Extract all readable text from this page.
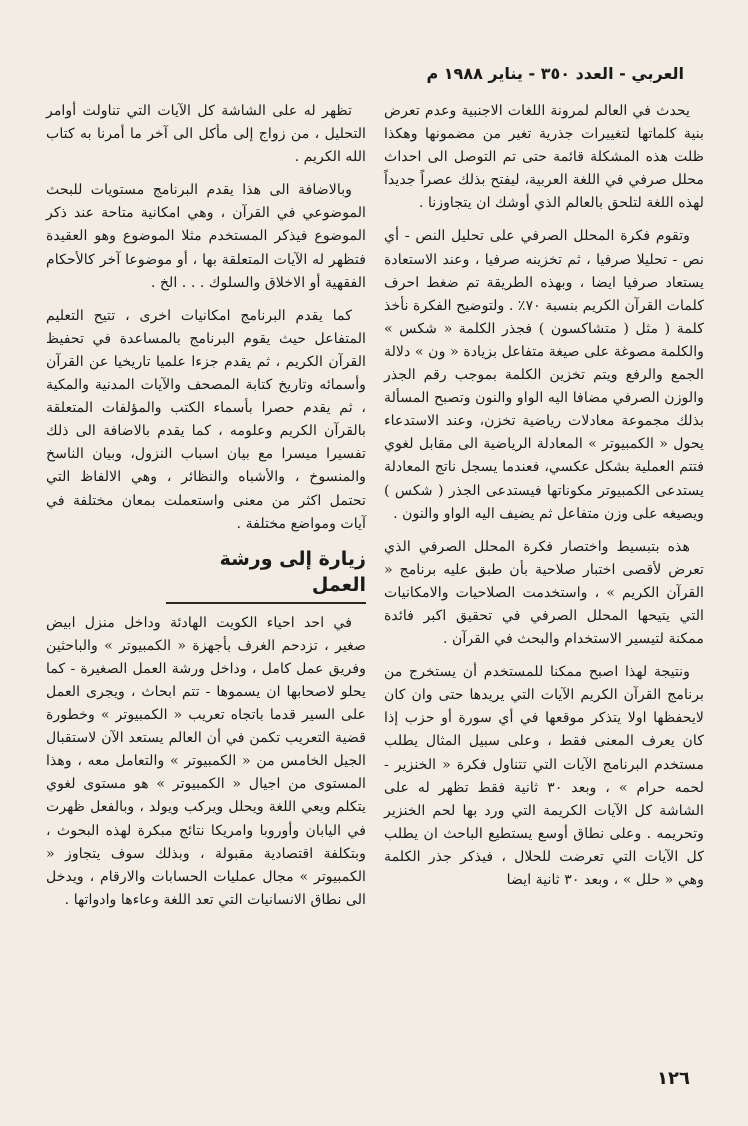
العربي - العدد ٣٥٠ - يناير ١٩٨٨ م

يحدث في العالم لمرونة اللغات الاجنبية وعدم تعرض بنية كلماتها لتغييرات جذرية تغير من مضمونها وهكذا ظلت هذه المشكلة قائمة حتى تم التوصل الى احداث محلل صرفي في اللغة العربية، ليفتح بذلك عصراً جديداً لهذه اللغة لتلحق بالعالم الذي أوشك ان يتجاوزنا .

وتقوم فكرة المحلل الصرفي على تحليل النص - أي نص - تحليلا صرفيا ، ثم تخزينه صرفيا ، وعند الاستعادة يستعاد صرفيا ايضا ، وبهذه الطريقة تم ضغط احرف كلمات القرآن الكريم بنسبة ٧٠٪ . ولتوضيح الفكرة نأخذ كلمة ( مثل ( متشاكسون ) فجذر الكلمة « شكس » والكلمة مصوغة على صيغة متفاعل بزيادة « ون » دلالة الجمع والرفع ويتم تخزين الكلمة بموجب رقم الجذر والوزن الصرفي مضافا اليه الواو والنون وتصبح المسألة بذلك مجموعة معادلات رياضية تخزن، وعند الاستدعاء يحول « الكمبيوتر » المعادلة الرياضية الى مقابل لغوي فتتم العملية بشكل عكسي، فعندما يسجل ناتج المعادلة يستدعى الكمبيوتر مكوناتها فيستدعى الجذر ( شكس ) ويصيغه على وزن متفاعل ثم يضيف اليه الواو والنون .

هذه بتبسيط واختصار فكرة المحلل الصرفي الذي تعرض لأقصى اختبار صلاحية بأن طبق عليه برنامج « القرآن الكريم » ، واستخدمت الصلاحيات والامكانيات التي يتيحها المحلل الصرفي في تحقيق اكبر فائدة ممكنة لتيسير الاستخدام والبحث في القرآن .

ونتيجة لهذا اصبح ممكنا للمستخدم أن يستخرج من برنامج القرآن الكريم الآيات التي يريدها حتى وان كان لايحفظها اولا يتذكر موقعها في أي سورة أو حزب إذا كان يعرف المعنى فقط ، وعلى سبيل المثال يطلب مستخدم البرنامج الآيات التي تتناول فكرة « الخنزير - لحمه حرام » ، وبعد ٣٠ ثانية فقط تظهر له على الشاشة كل الآيات الكريمة التي ورد بها لحم الخنزير وتحريمه . وعلى نطاق أوسع يستطيع الباحث ان يطلب كل الآيات التي تعرضت للحلال ، فيذكر جذر الكلمة وهي « حلل » ، وبعد ٣٠ ثانية ايضا

تظهر له على الشاشة كل الآيات التي تناولت أوامر التحليل ، من زواج إلى مأكل الى آخر ما أمرنا به كتاب الله الكريم .

وبالاضافة الى هذا يقدم البرنامج مستويات للبحث الموضوعي في القرآن ، وهي امكانية متاحة عند ذكر الموضوع فيذكر المستخدم مثلا الموضوع وهو العقيدة فتظهر له الآيات المتعلقة بها ، أو موضوعا آخر كالأحكام الفقهية أو الاخلاق والسلوك . . . الخ .

كما يقدم البرنامج امكانيات اخرى ، تتيح التعليم المتفاعل حيث يقوم البرنامج بالمساعدة في تحفيظ القرآن الكريم ، ثم يقدم جزءا علميا تاريخيا عن القرآن وأسمائه وتاريخ كتابة المصحف والآيات المدنية والمكية ، ثم يقدم حصرا بأسماء الكتب والمؤلفات المتعلقة بالقرآن الكريم وعلومه ، كما يقدم بالاضافة الى ذلك تفسيرا ميسرا مع بيان اسباب النزول، وبيان الناسخ والمنسوخ ، والأشباه والنظائر ، وهي الالفاظ التي تحتمل اكثر من معنى واستعملت بمعان مختلفة في آيات ومواضع مختلفة .

زيارة إلى ورشة العمل

في احد احياء الكويت الهادئة وداخل منزل ابيض صغير ، تزدحم الغرف بأجهزة « الكمبيوتر » والباحثين وفريق عمل كامل ، وداخل ورشة العمل الصغيرة - كما يحلو لاصحابها ان يسموها - تتم ابحاث ، ويجرى العمل على السير قدما باتجاه تعريب « الكمبيوتر » وخطورة قضية التعريب تكمن في أن العالم يستعد الآن لاستقبال الجيل الخامس من « الكمبيوتر » والتعامل معه ، وهذا المستوى من اجيال « الكمبيوتر » هو مستوى لغوي يتكلم ويعي اللغة ويحلل ويركب ويولد ، وبالفعل ظهرت في اليابان وأوروبا وامريكا نتائج مبكرة لهذه البحوث ، وبتكلفة اقتصادية مقبولة ، وبذلك سوف يتجاوز « الكمبيوتر » مجال عمليات الحسابات والارقام ، ويدخل الى نطاق الانسانيات التي تعد اللغة وعاءها وادواتها .

١٢٦
